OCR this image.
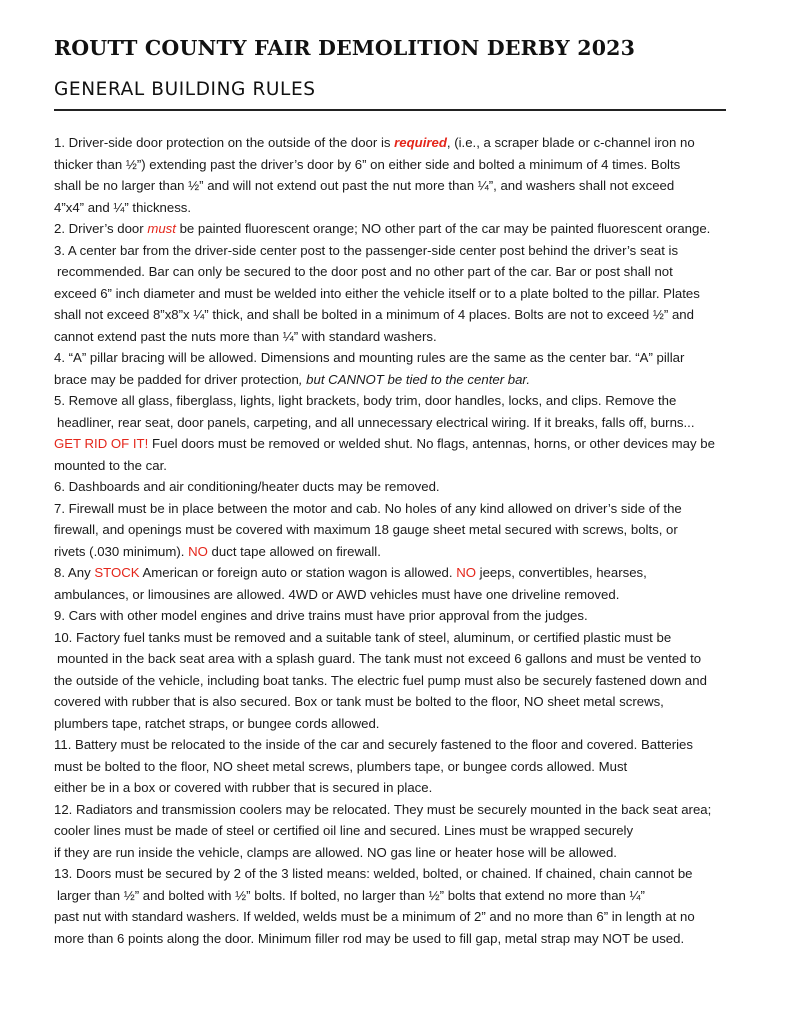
ROUTT COUNTY FAIR DEMOLITION DERBY 2023
GENERAL BUILDING RULES
1. Driver-side door protection on the outside of the door is required, (i.e., a scraper blade or c-channel iron no
thicker than ½”) extending past the driver’s door by 6” on either side and bolted a minimum of 4 times. Bolts
shall be no larger than ½” and will not extend out past the nut more than ¼”, and washers shall not exceed
4”x4” and ¼” thickness.
2. Driver’s door must be painted fluorescent orange; NO other part of the car may be painted fluorescent orange.
3. A center bar from the driver-side center post to the passenger-side center post behind the driver’s seat is
recommended. Bar can only be secured to the door post and no other part of the car. Bar or post shall not
exceed 6” inch diameter and must be welded into either the vehicle itself or to a plate bolted to the pillar. Plates
shall not exceed 8”x8”x ¼” thick, and shall be bolted in a minimum of 4 places. Bolts are not to exceed ½” and
cannot extend past the nuts more than ¼” with standard washers.
4. “A” pillar bracing will be allowed. Dimensions and mounting rules are the same as the center bar. “A” pillar
brace may be padded for driver protection, but CANNOT be tied to the center bar.
5. Remove all glass, fiberglass, lights, light brackets, body trim, door handles, locks, and clips. Remove the
headliner, rear seat, door panels, carpeting, and all unnecessary electrical wiring. If it breaks, falls off, burns...
GET RID OF IT! Fuel doors must be removed or welded shut. No flags, antennas, horns, or other devices may be
mounted to the car.
6. Dashboards and air conditioning/heater ducts may be removed.
7. Firewall must be in place between the motor and cab. No holes of any kind allowed on driver’s side of the
firewall, and openings must be covered with maximum 18 gauge sheet metal secured with screws, bolts, or
rivets (.030 minimum). NO duct tape allowed on firewall.
8. Any STOCK American or foreign auto or station wagon is allowed. NO jeeps, convertibles, hearses,
ambulances, or limousines are allowed. 4WD or AWD vehicles must have one driveline removed.
9. Cars with other model engines and drive trains must have prior approval from the judges.
10. Factory fuel tanks must be removed and a suitable tank of steel, aluminum, or certified plastic must be
mounted in the back seat area with a splash guard. The tank must not exceed 6 gallons and must be vented to
the outside of the vehicle, including boat tanks. The electric fuel pump must also be securely fastened down and
covered with rubber that is also secured. Box or tank must be bolted to the floor, NO sheet metal screws,
plumbers tape, ratchet straps, or bungee cords allowed.
11. Battery must be relocated to the inside of the car and securely fastened to the floor and covered. Batteries
must be bolted to the floor, NO sheet metal screws, plumbers tape, or bungee cords allowed. Must
either be in a box or covered with rubber that is secured in place.
12. Radiators and transmission coolers may be relocated. They must be securely mounted in the back seat area;
cooler lines must be made of steel or certified oil line and secured. Lines must be wrapped securely
if they are run inside the vehicle, clamps are allowed. NO gas line or heater hose will be allowed.
13. Doors must be secured by 2 of the 3 listed means: welded, bolted, or chained. If chained, chain cannot be
larger than ½” and bolted with ½” bolts. If bolted, no larger than ½” bolts that extend no more than ¼”
past nut with standard washers. If welded, welds must be a minimum of 2” and no more than 6” in length at no
more than 6 points along the door. Minimum filler rod may be used to fill gap, metal strap may NOT be used.
